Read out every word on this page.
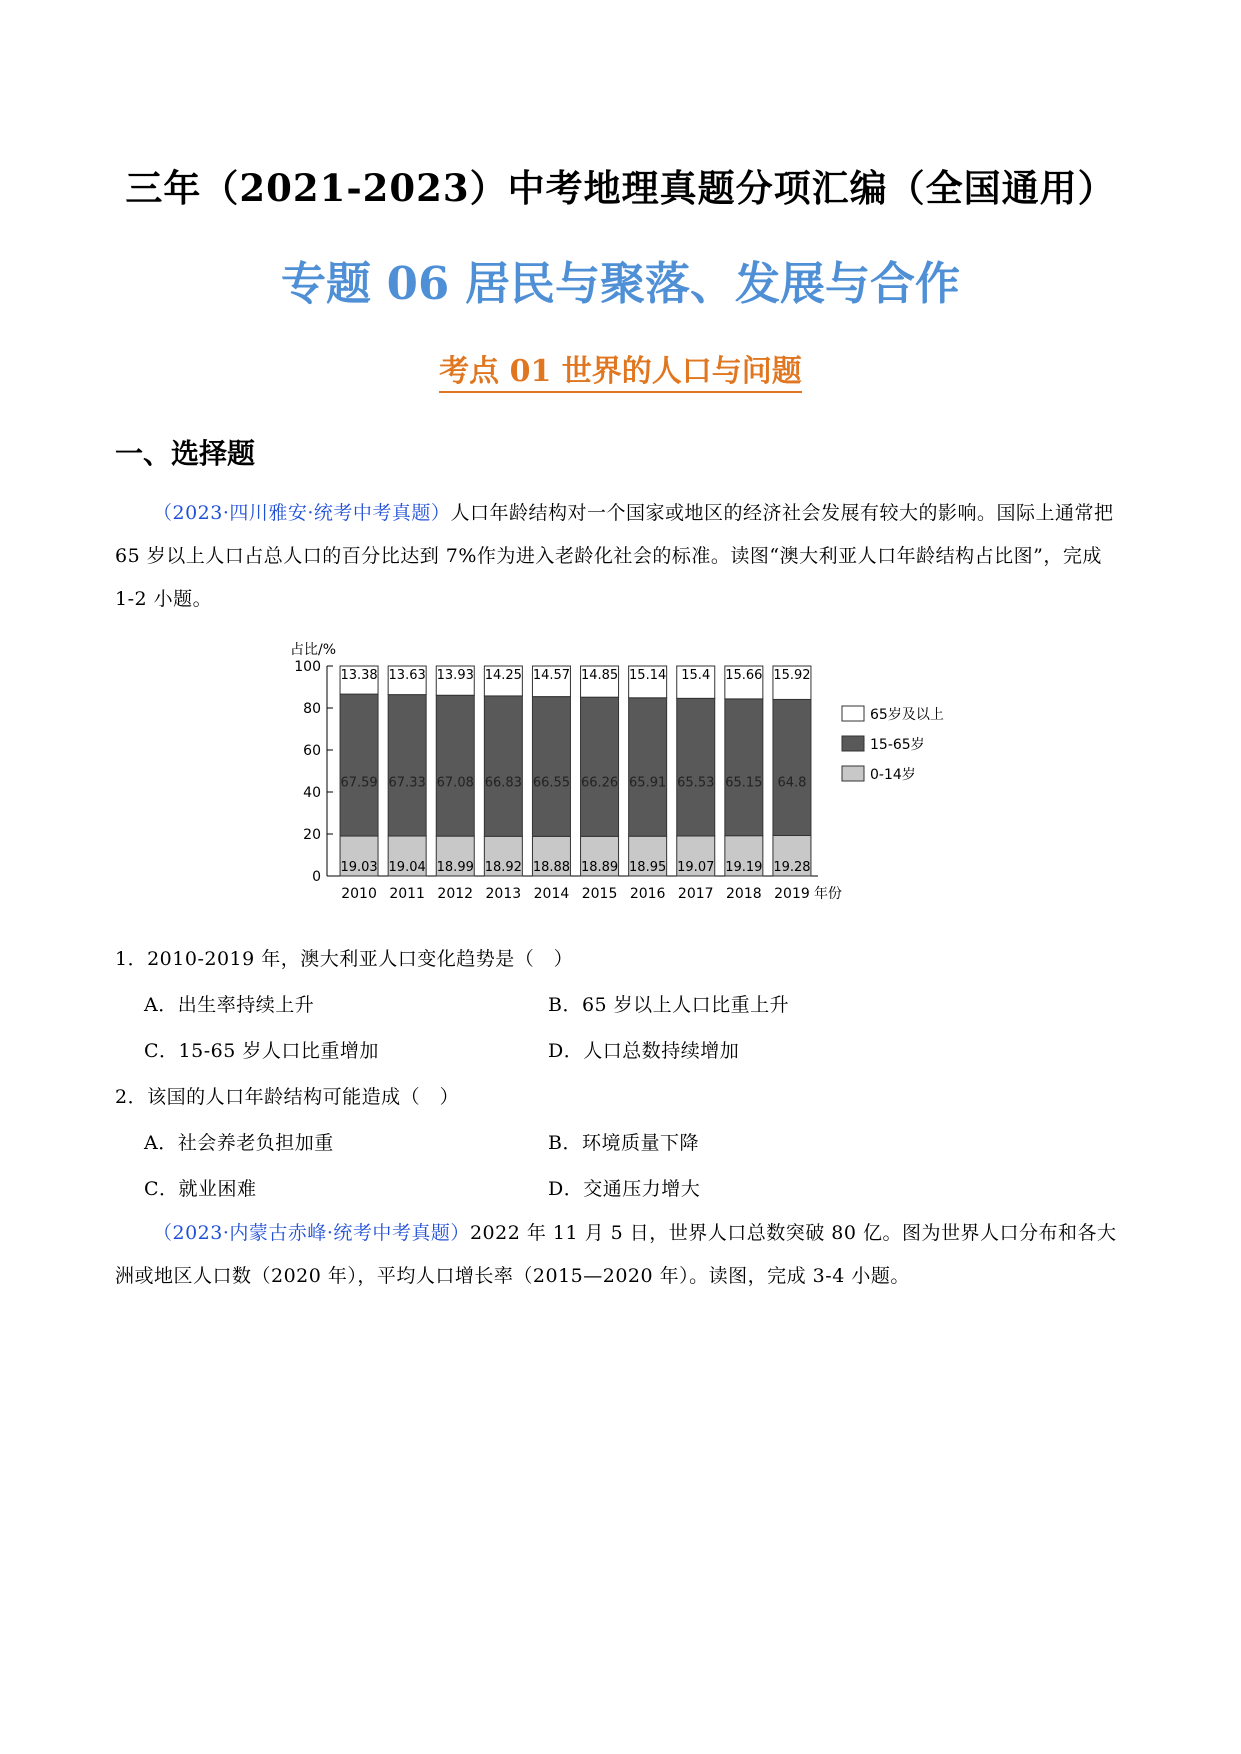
三年（2021-2023）中考地理真题分项汇编（全国通用）
专题 06 居民与聚落、发展与合作
考点 01 世界的人口与问题
一、选择题
（2023·四川雅安·统考中考真题）人口年龄结构对一个国家或地区的经济社会发展有较大的影响。国际上通常把 65 岁以上人口占总人口的百分比达到 7%作为进入老龄化社会的标准。读图“澳大利亚人口年龄结构占比图”，完成 1-2 小题。
占比/%
0
20
40
60
80
100
19.03
67.59
13.38
2010
19.04
67.33
13.63
2011
18.99
67.08
13.93
2012
18.92
66.83
14.25
2013
18.88
66.55
14.57
2014
18.89
66.26
14.85
2015
18.95
65.91
15.14
2016
19.07
65.53
15.4
2017
19.19
65.15
15.66
2018
19.28
64.8
15.92
2019 年份
65岁及以上
15-65岁
0-14岁
1．2010-2019 年，澳大利亚人口变化趋势是（　）
A．出生率持续上升	B．65 岁以上人口比重上升
C．15-65 岁人口比重增加	D．人口总数持续增加
2．该国的人口年龄结构可能造成（　）
A．社会养老负担加重	B．环境质量下降
C．就业困难	D．交通压力增大
（2023·内蒙古赤峰·统考中考真题）2022 年 11 月 5 日，世界人口总数突破 80 亿。图为世界人口分布和各大洲或地区人口数（2020 年），平均人口增长率（2015—2020 年）。读图，完成 3-4 小题。
